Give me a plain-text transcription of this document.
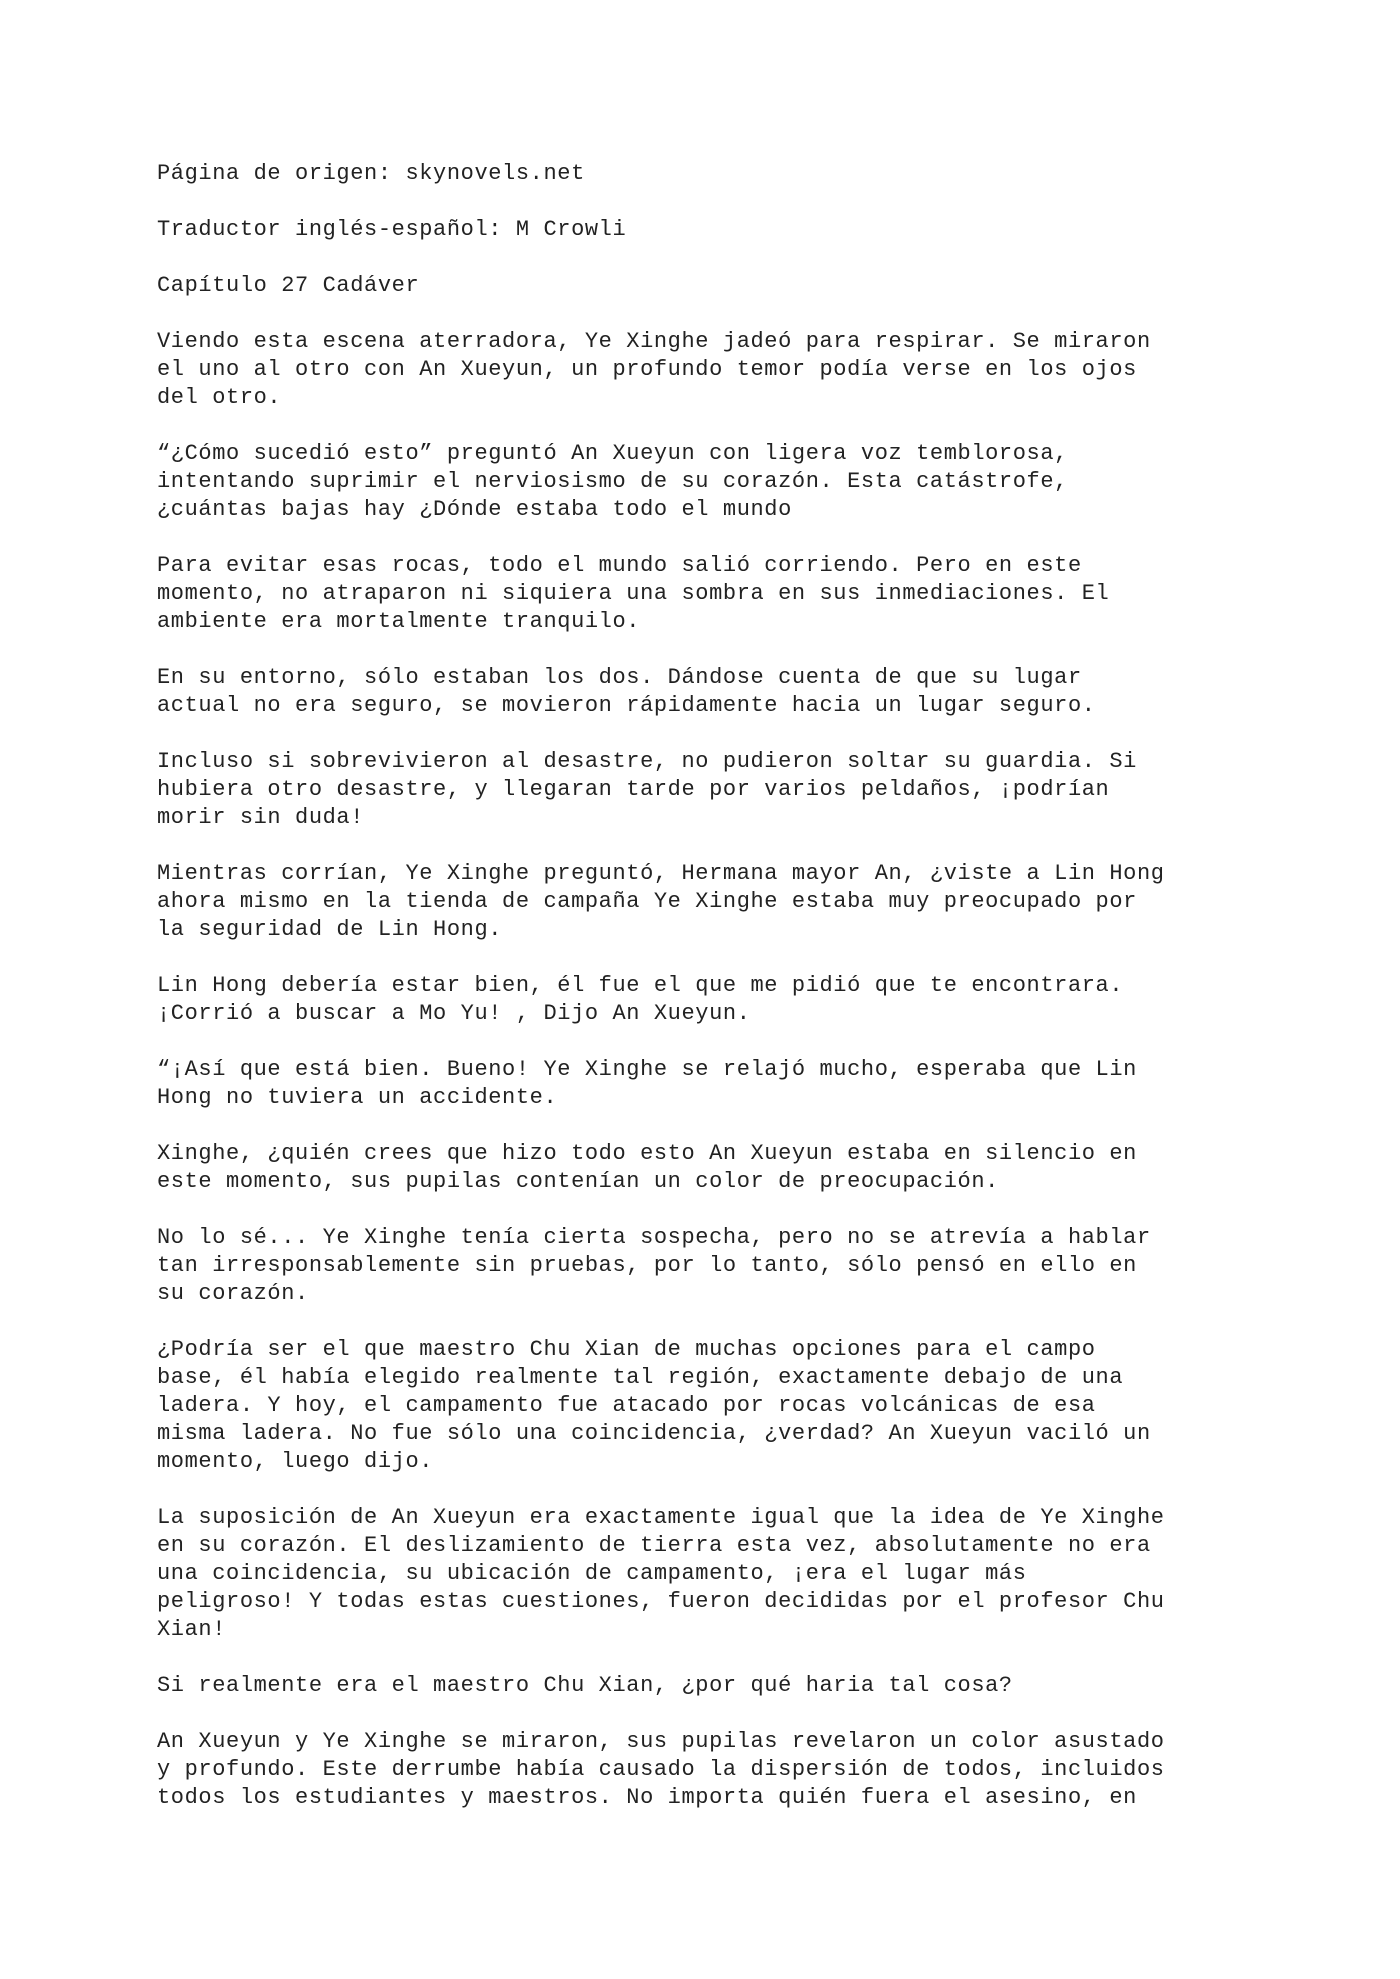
Página de origen: skynovels.net

Traductor inglés-español: M Crowli

Capítulo 27 Cadáver

Viendo esta escena aterradora, Ye Xinghe jadeó para respirar. Se miraron
el uno al otro con An Xueyun, un profundo temor podía verse en los ojos
del otro.

“¿Cómo sucedió esto” preguntó An Xueyun con ligera voz temblorosa,
intentando suprimir el nerviosismo de su corazón. Esta catástrofe,
¿cuántas bajas hay ¿Dónde estaba todo el mundo

Para evitar esas rocas, todo el mundo salió corriendo. Pero en este
momento, no atraparon ni siquiera una sombra en sus inmediaciones. El
ambiente era mortalmente tranquilo.

En su entorno, sólo estaban los dos. Dándose cuenta de que su lugar
actual no era seguro, se movieron rápidamente hacia un lugar seguro.

Incluso si sobrevivieron al desastre, no pudieron soltar su guardia. Si
hubiera otro desastre, y llegaran tarde por varios peldaños, ¡podrían
morir sin duda!

Mientras corrían, Ye Xinghe preguntó, Hermana mayor An, ¿viste a Lin Hong
ahora mismo en la tienda de campaña Ye Xinghe estaba muy preocupado por
la seguridad de Lin Hong.

Lin Hong debería estar bien, él fue el que me pidió que te encontrara.
¡Corrió a buscar a Mo Yu! , Dijo An Xueyun.

“¡Así que está bien. Bueno! Ye Xinghe se relajó mucho, esperaba que Lin
Hong no tuviera un accidente.

Xinghe, ¿quién crees que hizo todo esto An Xueyun estaba en silencio en
este momento, sus pupilas contenían un color de preocupación.

No lo sé... Ye Xinghe tenía cierta sospecha, pero no se atrevía a hablar
tan irresponsablemente sin pruebas, por lo tanto, sólo pensó en ello en
su corazón.

¿Podría ser el que maestro Chu Xian de muchas opciones para el campo
base, él había elegido realmente tal región, exactamente debajo de una
ladera. Y hoy, el campamento fue atacado por rocas volcánicas de esa
misma ladera. No fue sólo una coincidencia, ¿verdad? An Xueyun vaciló un
momento, luego dijo.

La suposición de An Xueyun era exactamente igual que la idea de Ye Xinghe
en su corazón. El deslizamiento de tierra esta vez, absolutamente no era
una coincidencia, su ubicación de campamento, ¡era el lugar más
peligroso! Y todas estas cuestiones, fueron decididas por el profesor Chu
Xian!

Si realmente era el maestro Chu Xian, ¿por qué haria tal cosa?

An Xueyun y Ye Xinghe se miraron, sus pupilas revelaron un color asustado
y profundo. Este derrumbe había causado la dispersión de todos, incluidos
todos los estudiantes y maestros. No importa quién fuera el asesino, en
